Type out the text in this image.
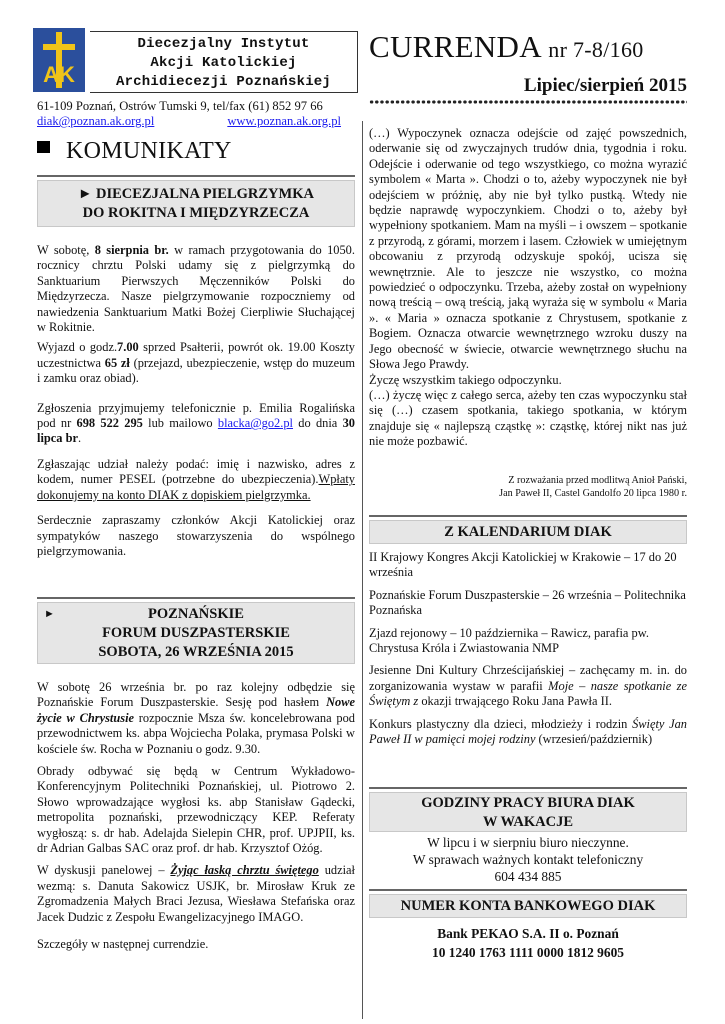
AK
Diecezjalny Instytut
Akcji Katolickiej
Archidiecezji Poznańskiej
61-109 Poznań, Ostrów Tumski 9, tel/fax (61) 852 97 66
diak@poznan.ak.org.pl	www.poznan.ak.org.pl
CURRENDA nr 7-8/160
Lipiec/sierpień 2015
KOMUNIKATY
► DIECEZJALNA PIELGRZYMKA
DO ROKITNA I MIĘDZYRZECZA

W sobotę, 8 sierpnia br. w ramach przygotowania do 1050. rocznicy chrztu Polski udamy się z pielgrzymką do Sanktuarium Pierwszych Męczenników Polski do Międzyrzecza. Nasze pielgrzymowanie rozpoczniemy od nawiedzenia Sanktuarium Matki Bożej Cierpliwie Słuchającej w Rokitnie.

Wyjazd o godz.7.00 sprzed Psałterii, powrót ok. 19.00 Koszty uczestnictwa 65 zł (przejazd, ubezpieczenie, wstęp do muzeum i zamku oraz obiad).

Zgłoszenia przyjmujemy telefonicznie p. Emilia Rogalińska pod nr 698 522 295 lub mailowo blacka@go2.pl do dnia 30 lipca br.

Zgłaszając udział należy podać: imię i nazwisko, adres z kodem, numer PESEL (potrzebne do ubezpieczenia).Wpłaty dokonujemy na konto DIAK z dopiskiem pielgrzymka.

Serdecznie zapraszamy członków Akcji Katolickiej oraz sympatyków naszego stowarzyszenia do wspólnego pielgrzymowania.

►	POZNAŃSKIE
FORUM DUSZPASTERSKIE
SOBOTA, 26 WRZEŚNIA 2015

W sobotę 26 września br. po raz kolejny odbędzie się Poznańskie Forum Duszpasterskie. Sesję pod hasłem Nowe życie w Chrystusie rozpocznie Msza św. koncelebrowana pod przewodnictwem ks. abpa Wojciecha Polaka, prymasa Polski w kościele św. Rocha w Poznaniu o godz. 9.30.

Obrady odbywać się będą w Centrum Wykładowo-Konferencyjnym Politechniki Poznańskiej, ul. Piotrowo 2. Słowo wprowadzające wygłosi ks. abp Stanisław Gądecki, metropolita poznański, przewodniczący KEP. Referaty wygłoszą: s. dr hab. Adelajda Sielepin CHR, prof. UPJPII, ks. dr Adrian Galbas SAC oraz prof. dr hab. Krzysztof Ożóg.

W dyskusji panelowej – Żyjąc łaską chrztu świętego udział wezmą: s. Danuta Sakowicz USJK, br. Mirosław Kruk ze Zgromadzenia Małych Braci Jezusa, Wiesława Stefańska oraz Jacek Dudzic z Zespołu Ewangelizacyjnego IMAGO.

Szczegóły w następnej currendzie.

(…) Wypoczynek oznacza odejście od zajęć powszednich, oderwanie się od zwyczajnych trudów dnia, tygodnia i roku. Odejście i oderwanie od tego wszystkiego, co można wyrazić symbolem « Marta ». Chodzi o to, ażeby wypoczynek nie był odejściem w próżnię, aby nie był tylko pustką. Wtedy nie będzie naprawdę wypoczynkiem. Chodzi o to, ażeby był wypełniony spotkaniem. Mam na myśli – i owszem – spotkanie z przyrodą, z górami, morzem i lasem. Człowiek w umiejętnym obcowaniu z przyrodą odzyskuje spokój, ucisza się wewnętrznie. Ale to jeszcze nie wszystko, co można powiedzieć o odpoczynku. Trzeba, ażeby został on wypełniony nową treścią – ową treścią, jaką wyraża się w symbolu « Maria ». « Maria » oznacza spotkanie z Chrystusem, spotkanie z Bogiem. Oznacza otwarcie wewnętrznego wzroku duszy na Jego obecność w świecie, otwarcie wewnętrznego słuchu na Słowa Jego Prawdy.

Życzę wszystkim takiego odpoczynku.

(…) życzę więc z całego serca, ażeby ten czas wypoczynku stał się (…) czasem spotkania, takiego spotkania, w którym znajduje się « najlepszą cząstkę »: cząstkę, której nikt nas już nie może pozbawić.

Z rozważania przed modlitwą Anioł Pański,
Jan Paweł II, Castel Gandolfo 20 lipca 1980 r.
Z KALENDARIUM DIAK

II Krajowy Kongres Akcji Katolickiej w Krakowie – 17 do 20 września

Poznańskie Forum Duszpasterskie – 26 września – Politechnika Poznańska

Zjazd rejonowy – 10 października – Rawicz, parafia pw. Chrystusa Króla i Zwiastowania NMP

Jesienne Dni Kultury Chrześcijańskiej – zachęcamy m. in. do zorganizowania wystaw w parafii Moje – nasze spotkanie ze Świętym z okazji trwającego Roku Jana Pawła II.

Konkurs plastyczny dla dzieci, młodzieży i rodzin Święty Jan Paweł II w pamięci mojej rodziny (wrzesień/październik)

GODZINY PRACY BIURA DIAK
W WAKACJE
W lipcu i w sierpniu biuro nieczynne.
W sprawach ważnych kontakt telefoniczny
604 434 885
NUMER KONTA BANKOWEGO DIAK
Bank PEKAO S.A. II o. Poznań
10 1240 1763 1111 0000 1812 9605
